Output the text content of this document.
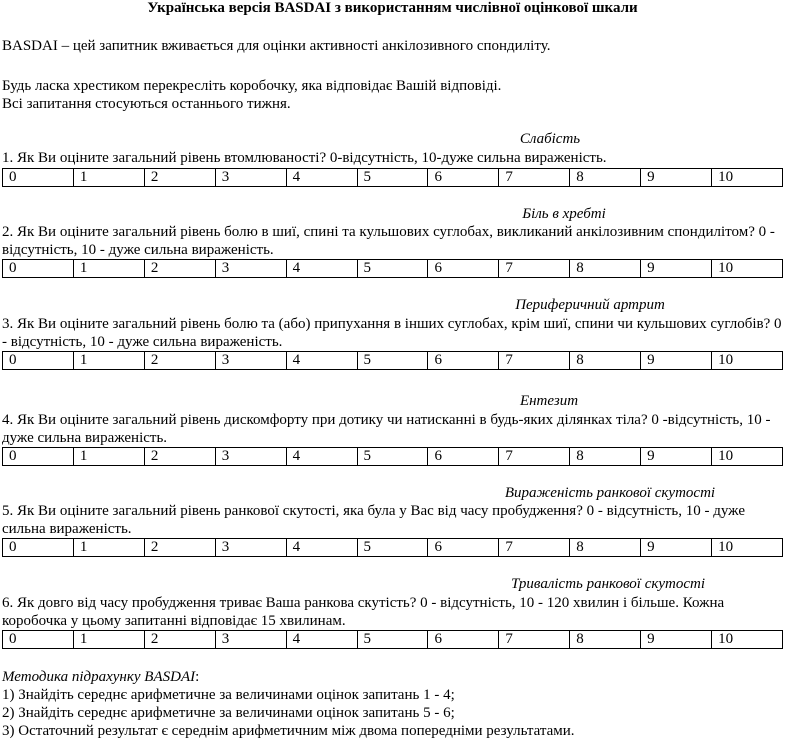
Українська версія BASDAI з використанням числівної оцінкової шкали
BASDAI – цей запитник вживається для оцінки активності анкілозивного спондиліту.
Будь ласка хрестиком перекресліть коробочку, яка відповідає Вашій відповіді.
Всі запитання стосуються останнього тижня.
Слабість
1. Як Ви оціните загальний рівень втомлюваності? 0-відсутність, 10-дуже сильна вираженість.
0	1	2	3	4	5	6	7	8	9	10
Біль в хребті
2. Як Ви оціните загальний рівень болю в шиї, спині та кульшових суглобах, викликаний анкілозивним спондилітом? 0 - відсутність, 10 - дуже сильна вираженість.
0	1	2	3	4	5	6	7	8	9	10
Периферичний артрит
3. Як Ви оціните загальний рівень болю та (або) припухання в інших суглобах, крім шиї, спини чи кульшових суглобів? 0 - відсутність, 10 - дуже сильна вираженість.
0	1	2	3	4	5	6	7	8	9	10
Ентезит
4. Як Ви оціните загальний рівень дискомфорту при дотику чи натисканні в будь-яких ділянках тіла? 0 -відсутність, 10 - дуже сильна вираженість.
0	1	2	3	4	5	6	7	8	9	10
Вираженість ранкової скутості
5. Як Ви оціните загальний рівень ранкової скутості, яка була у Вас від часу пробудження? 0 - відсутність, 10 - дуже сильна вираженість.
0	1	2	3	4	5	6	7	8	9	10
Тривалість ранкової скутості
6. Як довго від часу пробудження триває Ваша ранкова скутість? 0 - відсутність, 10 - 120 хвилин і більше. Кожна коробочка у цьому запитанні відповідає 15 хвилинам.
0	1	2	3	4	5	6	7	8	9	10
Методика підрахунку BASDAI:
1) Знайдіть середнє арифметичне за величинами оцінок запитань 1 - 4;
2) Знайдіть середнє арифметичне за величинами оцінок запитань 5 - 6;
3) Остаточний результат є середнім арифметичним між двома попередніми результатами.
